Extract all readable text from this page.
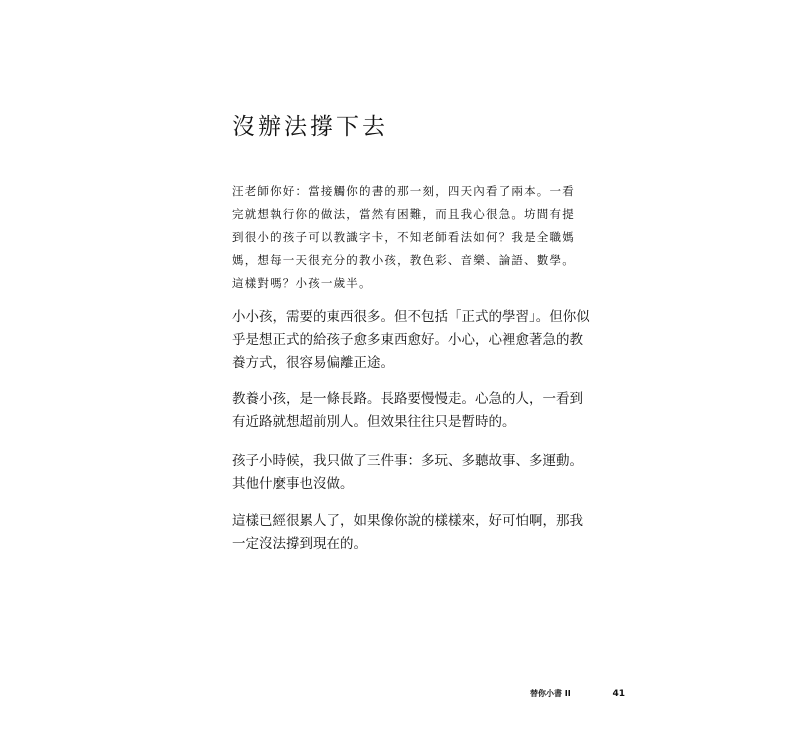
沒辦法撐下去

汪老師你好：當接觸你的書的那一刻，四天內看了兩本。一看完就想執行你的做法，當然有困難，而且我心很急。坊間有提到很小的孩子可以教識字卡，不知老師看法如何？我是全職媽媽，想每一天很充分的教小孩，教色彩、音樂、論語、數學。這樣對嗎？小孩一歲半。

小小孩，需要的東西很多。但不包括「正式的學習」。但你似乎是想正式的給孩子愈多東西愈好。小心，心裡愈著急的教養方式，很容易偏離正途。

教養小孩，是一條長路。長路要慢慢走。心急的人，一看到有近路就想超前別人。但效果往往只是暫時的。

孩子小時候，我只做了三件事：多玩、多聽故事、多運動。其他什麼事也沒做。

這樣已經很累人了，如果像你說的樣樣來，好可怕啊，那我一定沒法撐到現在的。

替你小書 II	41
